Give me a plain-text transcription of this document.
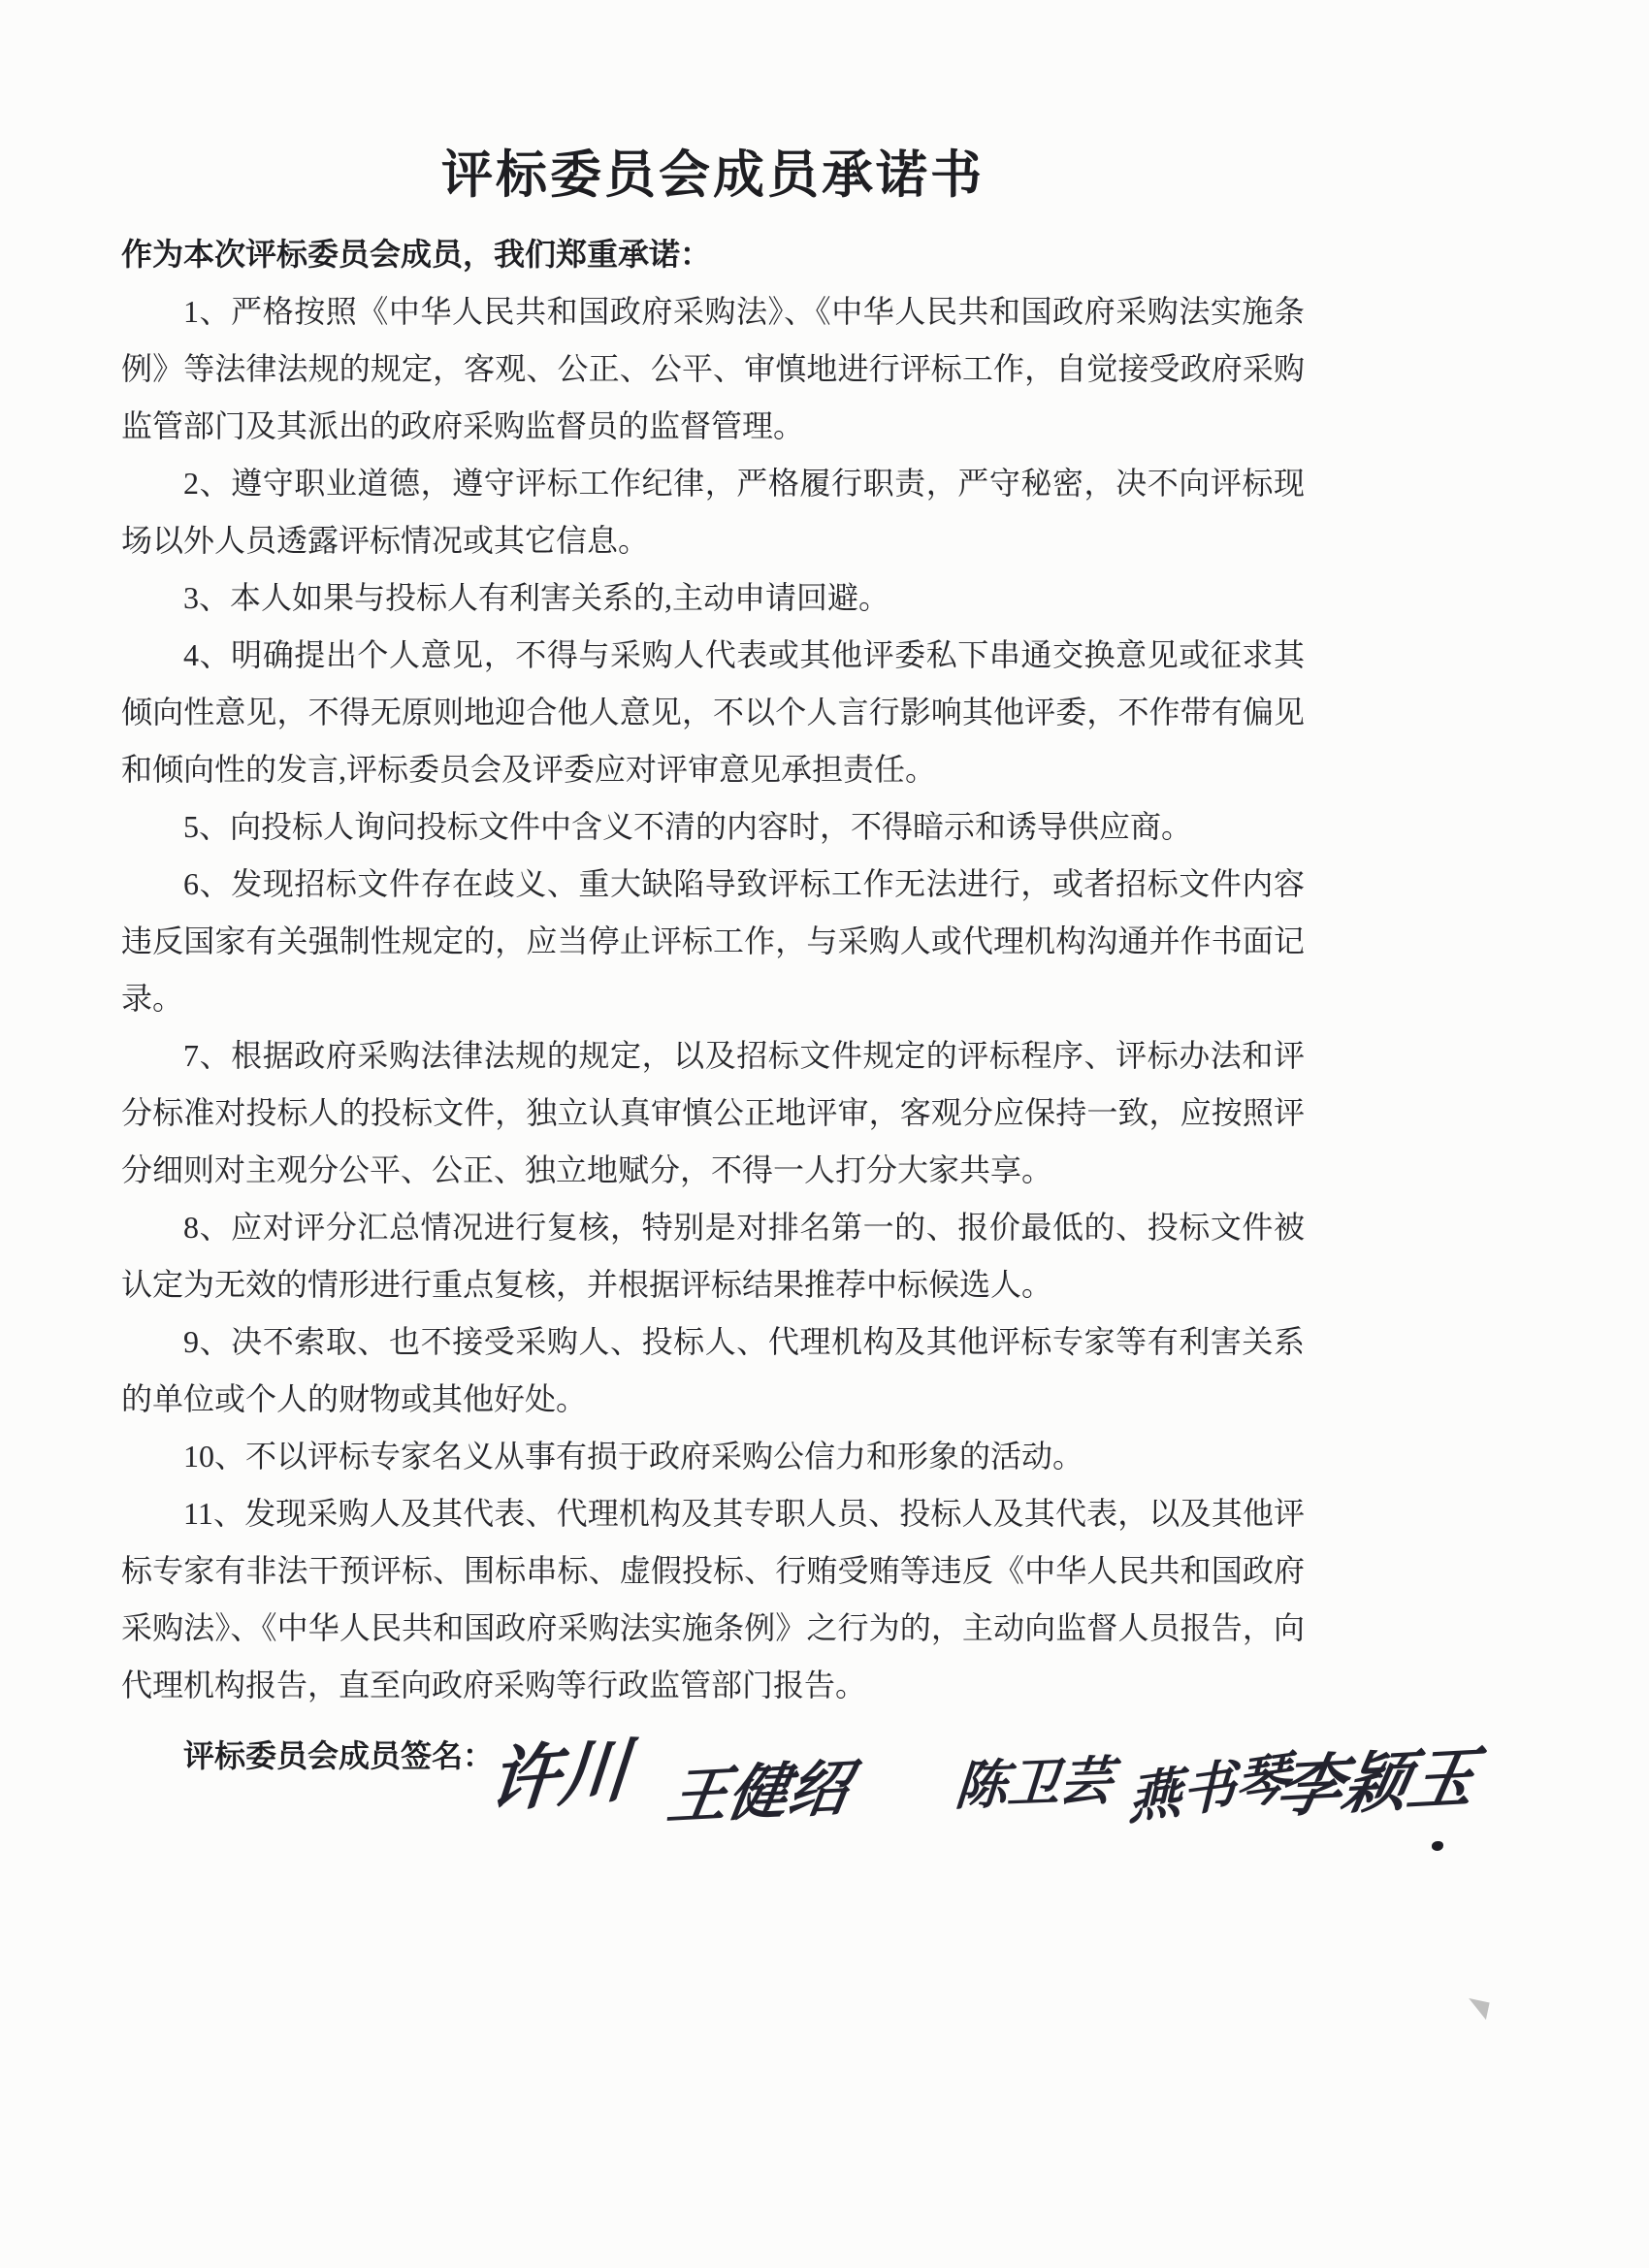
评标委员会成员承诺书

作为本次评标委员会成员，我们郑重承诺：

1、严格按照《中华人民共和国政府采购法》、《中华人民共和国政府采购法实施条例》等法律法规的规定，客观、公正、公平、审慎地进行评标工作，自觉接受政府采购监管部门及其派出的政府采购监督员的监督管理。

2、遵守职业道德，遵守评标工作纪律，严格履行职责，严守秘密，决不向评标现场以外人员透露评标情况或其它信息。

3、本人如果与投标人有利害关系的,主动申请回避。

4、明确提出个人意见，不得与采购人代表或其他评委私下串通交换意见或征求其倾向性意见，不得无原则地迎合他人意见，不以个人言行影响其他评委，不作带有偏见和倾向性的发言,评标委员会及评委应对评审意见承担责任。

5、向投标人询问投标文件中含义不清的内容时，不得暗示和诱导供应商。

6、发现招标文件存在歧义、重大缺陷导致评标工作无法进行，或者招标文件内容违反国家有关强制性规定的，应当停止评标工作，与采购人或代理机构沟通并作书面记录。

7、根据政府采购法律法规的规定，以及招标文件规定的评标程序、评标办法和评分标准对投标人的投标文件，独立认真审慎公正地评审，客观分应保持一致，应按照评分细则对主观分公平、公正、独立地赋分，不得一人打分大家共享。

8、应对评分汇总情况进行复核，特别是对排名第一的、报价最低的、投标文件被认定为无效的情形进行重点复核，并根据评标结果推荐中标候选人。

9、决不索取、也不接受采购人、投标人、代理机构及其他评标专家等有利害关系的单位或个人的财物或其他好处。

10、不以评标专家名义从事有损于政府采购公信力和形象的活动。

11、发现采购人及其代表、代理机构及其专职人员、投标人及其代表，以及其他评标专家有非法干预评标、围标串标、虚假投标、行贿受贿等违反《中华人民共和国政府采购法》、《中华人民共和国政府采购法实施条例》之行为的，主动向监督人员报告，向代理机构报告，直至向政府采购等行政监管部门报告。

评标委员会成员签名：

许川 王健绍 陈卫芸 燕书琴
李颖玉
